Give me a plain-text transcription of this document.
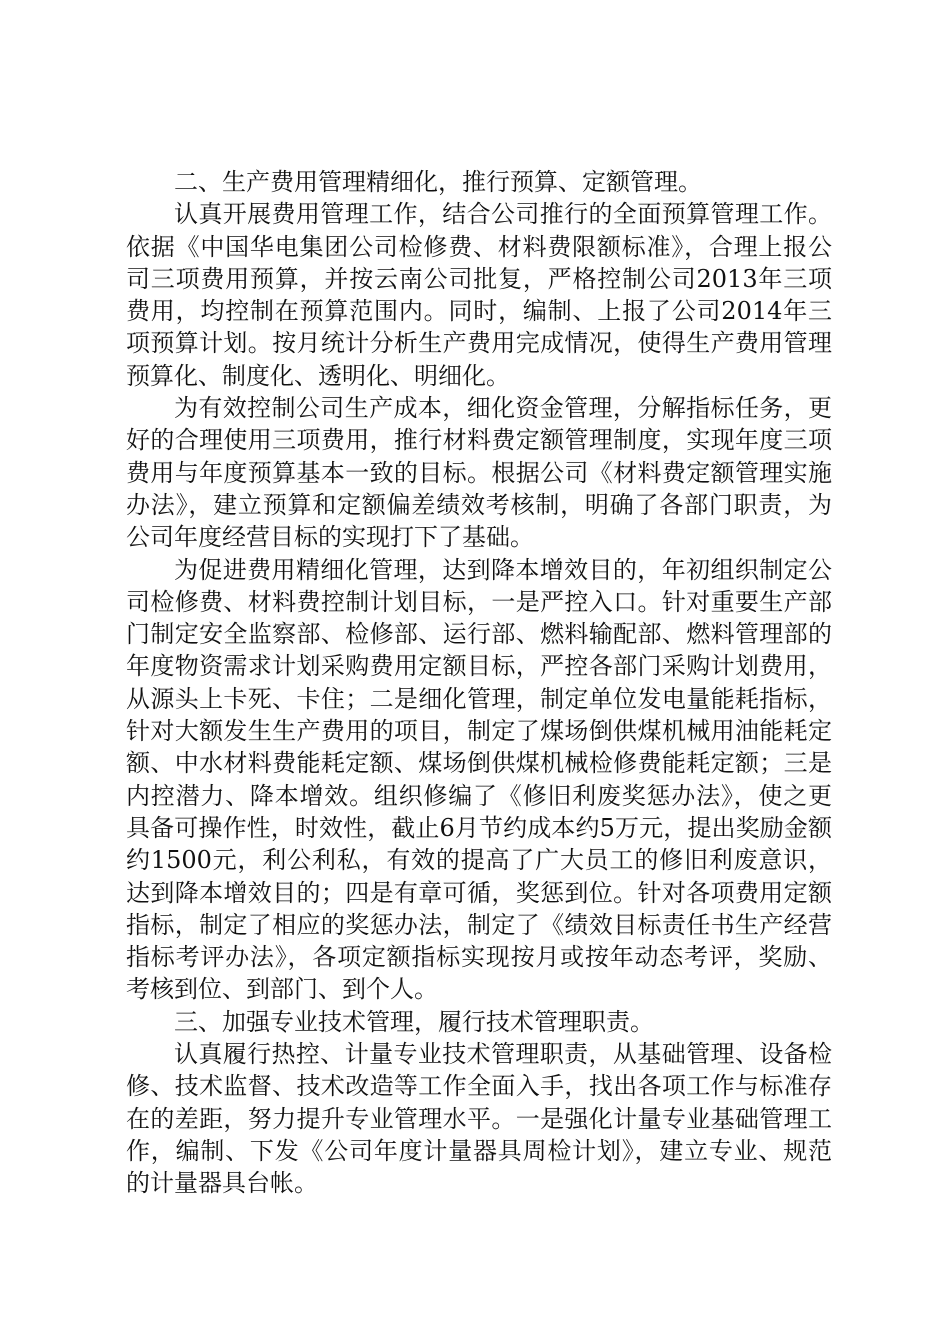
二、生产费用管理精细化，推行预算、定额管理。

认真开展费用管理工作，结合公司推行的全面预算管理工作。依据《中国华电集团公司检修费、材料费限额标准》，合理上报公司三项费用预算，并按云南公司批复，严格控制公司2013年三项费用，均控制在预算范围内。同时，编制、上报了公司2014年三项预算计划。按月统计分析生产费用完成情况，使得生产费用管理预算化、制度化、透明化、明细化。

为有效控制公司生产成本，细化资金管理，分解指标任务，更好的合理使用三项费用，推行材料费定额管理制度，实现年度三项费用与年度预算基本一致的目标。根据公司《材料费定额管理实施办法》，建立预算和定额偏差绩效考核制，明确了各部门职责，为公司年度经营目标的实现打下了基础。

为促进费用精细化管理，达到降本增效目的，年初组织制定公司检修费、材料费控制计划目标，一是严控入口。针对重要生产部门制定安全监察部、检修部、运行部、燃料输配部、燃料管理部的年度物资需求计划采购费用定额目标，严控各部门采购计划费用，从源头上卡死、卡住；二是细化管理，制定单位发电量能耗指标，针对大额发生生产费用的项目，制定了煤场倒供煤机械用油能耗定额、中水材料费能耗定额、煤场倒供煤机械检修费能耗定额；三是内控潜力、降本增效。组织修编了《修旧利废奖惩办法》，使之更具备可操作性，时效性，截止6月节约成本约5万元，提出奖励金额约1500元，利公利私，有效的提高了广大员工的修旧利废意识，达到降本增效目的；四是有章可循，奖惩到位。针对各项费用定额指标，制定了相应的奖惩办法，制定了《绩效目标责任书生产经营指标考评办法》，各项定额指标实现按月或按年动态考评，奖励、考核到位、到部门、到个人。

三、加强专业技术管理，履行技术管理职责。

认真履行热控、计量专业技术管理职责，从基础管理、设备检修、技术监督、技术改造等工作全面入手，找出各项工作与标准存在的差距，努力提升专业管理水平。一是强化计量专业基础管理工作，编制、下发《公司年度计量器具周检计划》，建立专业、规范的计量器具台帐。
